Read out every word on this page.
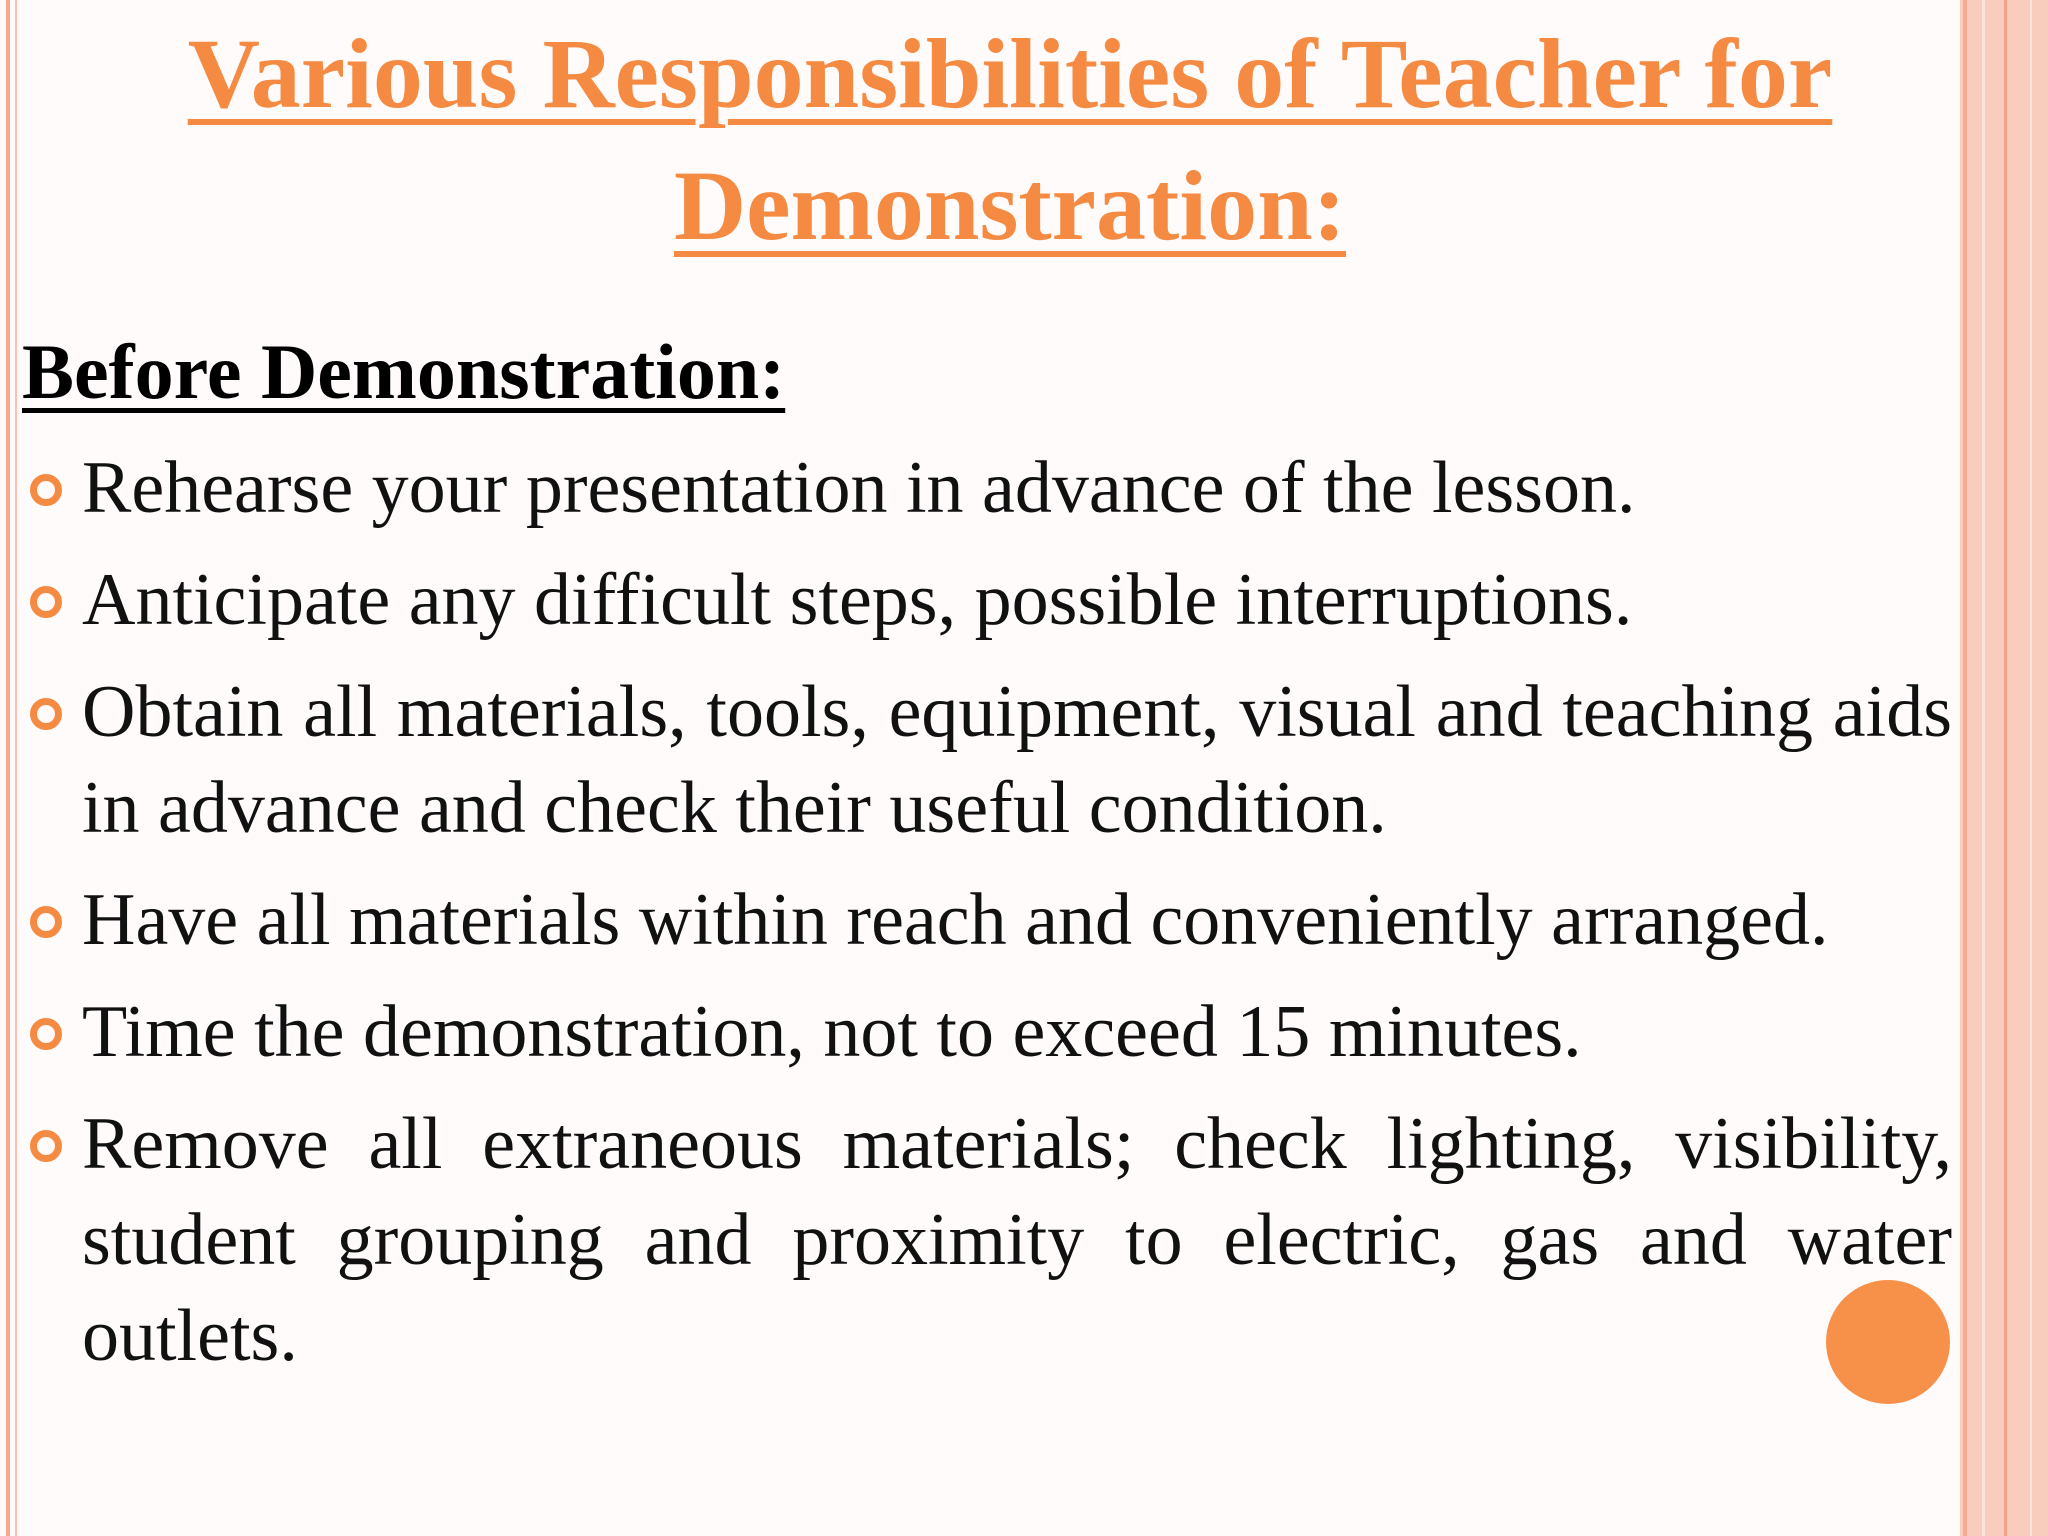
Various Responsibilities of Teacher for Demonstration:
Before Demonstration:
Rehearse your presentation in advance of the lesson.
Anticipate any difficult steps, possible interruptions.
Obtain all materials, tools, equipment, visual and teaching aids in advance and check their useful condition.
Have all materials within reach and conveniently arranged.
Time the demonstration, not to exceed 15 minutes.
Remove all extraneous materials; check lighting, visibility, student grouping and proximity to electric, gas and water outlets.
